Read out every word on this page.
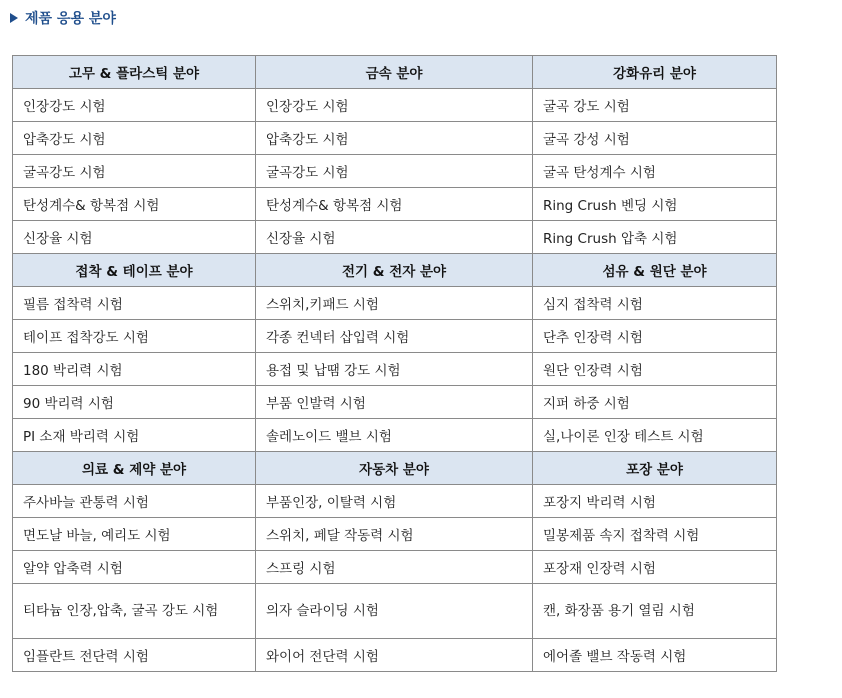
제품 응용 분야
고무 & 플라스틱 분야	금속 분야	강화유리 분야
인장강도 시험	인장강도 시험	굴곡 강도 시험
압축강도 시험	압축강도 시험	굴곡 강성 시험
굴곡강도 시험	굴곡강도 시험	굴곡 탄성계수 시험
탄성계수& 항복점 시험	탄성계수& 항복점 시험	Ring Crush 벤딩 시험
신장율 시험	신장율 시험	Ring Crush 압축 시험
접착 & 테이프 분야	전기 & 전자 분야	섬유 & 원단 분야
필름 접착력 시험	스위치,키패드 시험	심지 접착력 시험
테이프 접착강도 시험	각종 컨넥터 삽입력 시험	단추 인장력 시험
180 박리력 시험	용접 및 납땜 강도 시험	원단 인장력 시험
90 박리력 시험	부품 인발력 시험	지퍼 하중 시험
PI 소재 박리력 시험	솔레노이드 밸브 시험	실,나이론 인장 테스트 시험
의료 & 제약 분야	자동차 분야	포장 분야
주사바늘 관통력 시험	부품인장, 이탈력 시험	포장지 박리력 시험
면도날 바늘, 예리도 시험	스위치, 페달 작동력 시험	밀봉제품 속지 접착력 시험
알약 압축력 시험	스프링 시험	포장재 인장력 시험
티타늄 인장,압축, 굴곡 강도 시험	의자 슬라이딩 시험	캔, 화장품 용기 열림 시험
임플란트 전단력 시험	와이어 전단력 시험	에어졸 밸브 작동력 시험
